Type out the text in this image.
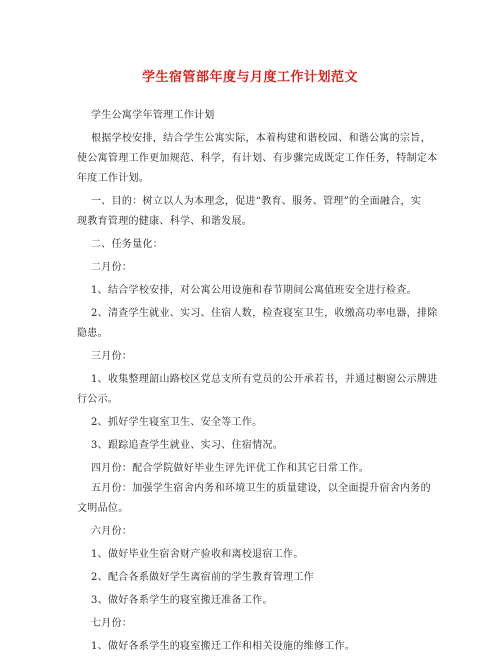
学生宿管部年度与月度工作计划范文

学生公寓学年管理工作计划

根据学校安排，结合学生公寓实际，本着构建和谐校园、和谐公寓的宗旨，

使公寓管理工作更加规范、科学，有计划、有步骤完成既定工作任务，特制定本

年度工作计划。

一、目的：树立以人为本理念，促进“教育、服务、管理”的全面融合，实

现教育管理的健康、科学、和谐发展。

二、任务量化：

二月份：

1、结合学校安排，对公寓公用设施和春节期间公寓值班安全进行检查。

2、清查学生就业、实习、住宿人数，检查寝室卫生，收缴高功率电器，排除

隐患。

三月份：

1、收集整理韶山路校区党总支所有党员的公开承若书，并通过橱窗公示牌进

行公示。

2、抓好学生寝室卫生、安全等工作。

3、跟踪追查学生就业、实习、住宿情况。

四月份：配合学院做好毕业生评先评优工作和其它日常工作。

五月份：加强学生宿舍内务和环境卫生的质量建设，以全面提升宿舍内务的

文明品位。

六月份：

1、做好毕业生宿舍财产验收和离校退宿工作。

2、配合各系做好学生离宿前的学生教育管理工作

3、做好各系学生的寝室搬迁准备工作。

七月份：

1、做好各系学生的寝室搬迁工作和相关设施的维修工作。
